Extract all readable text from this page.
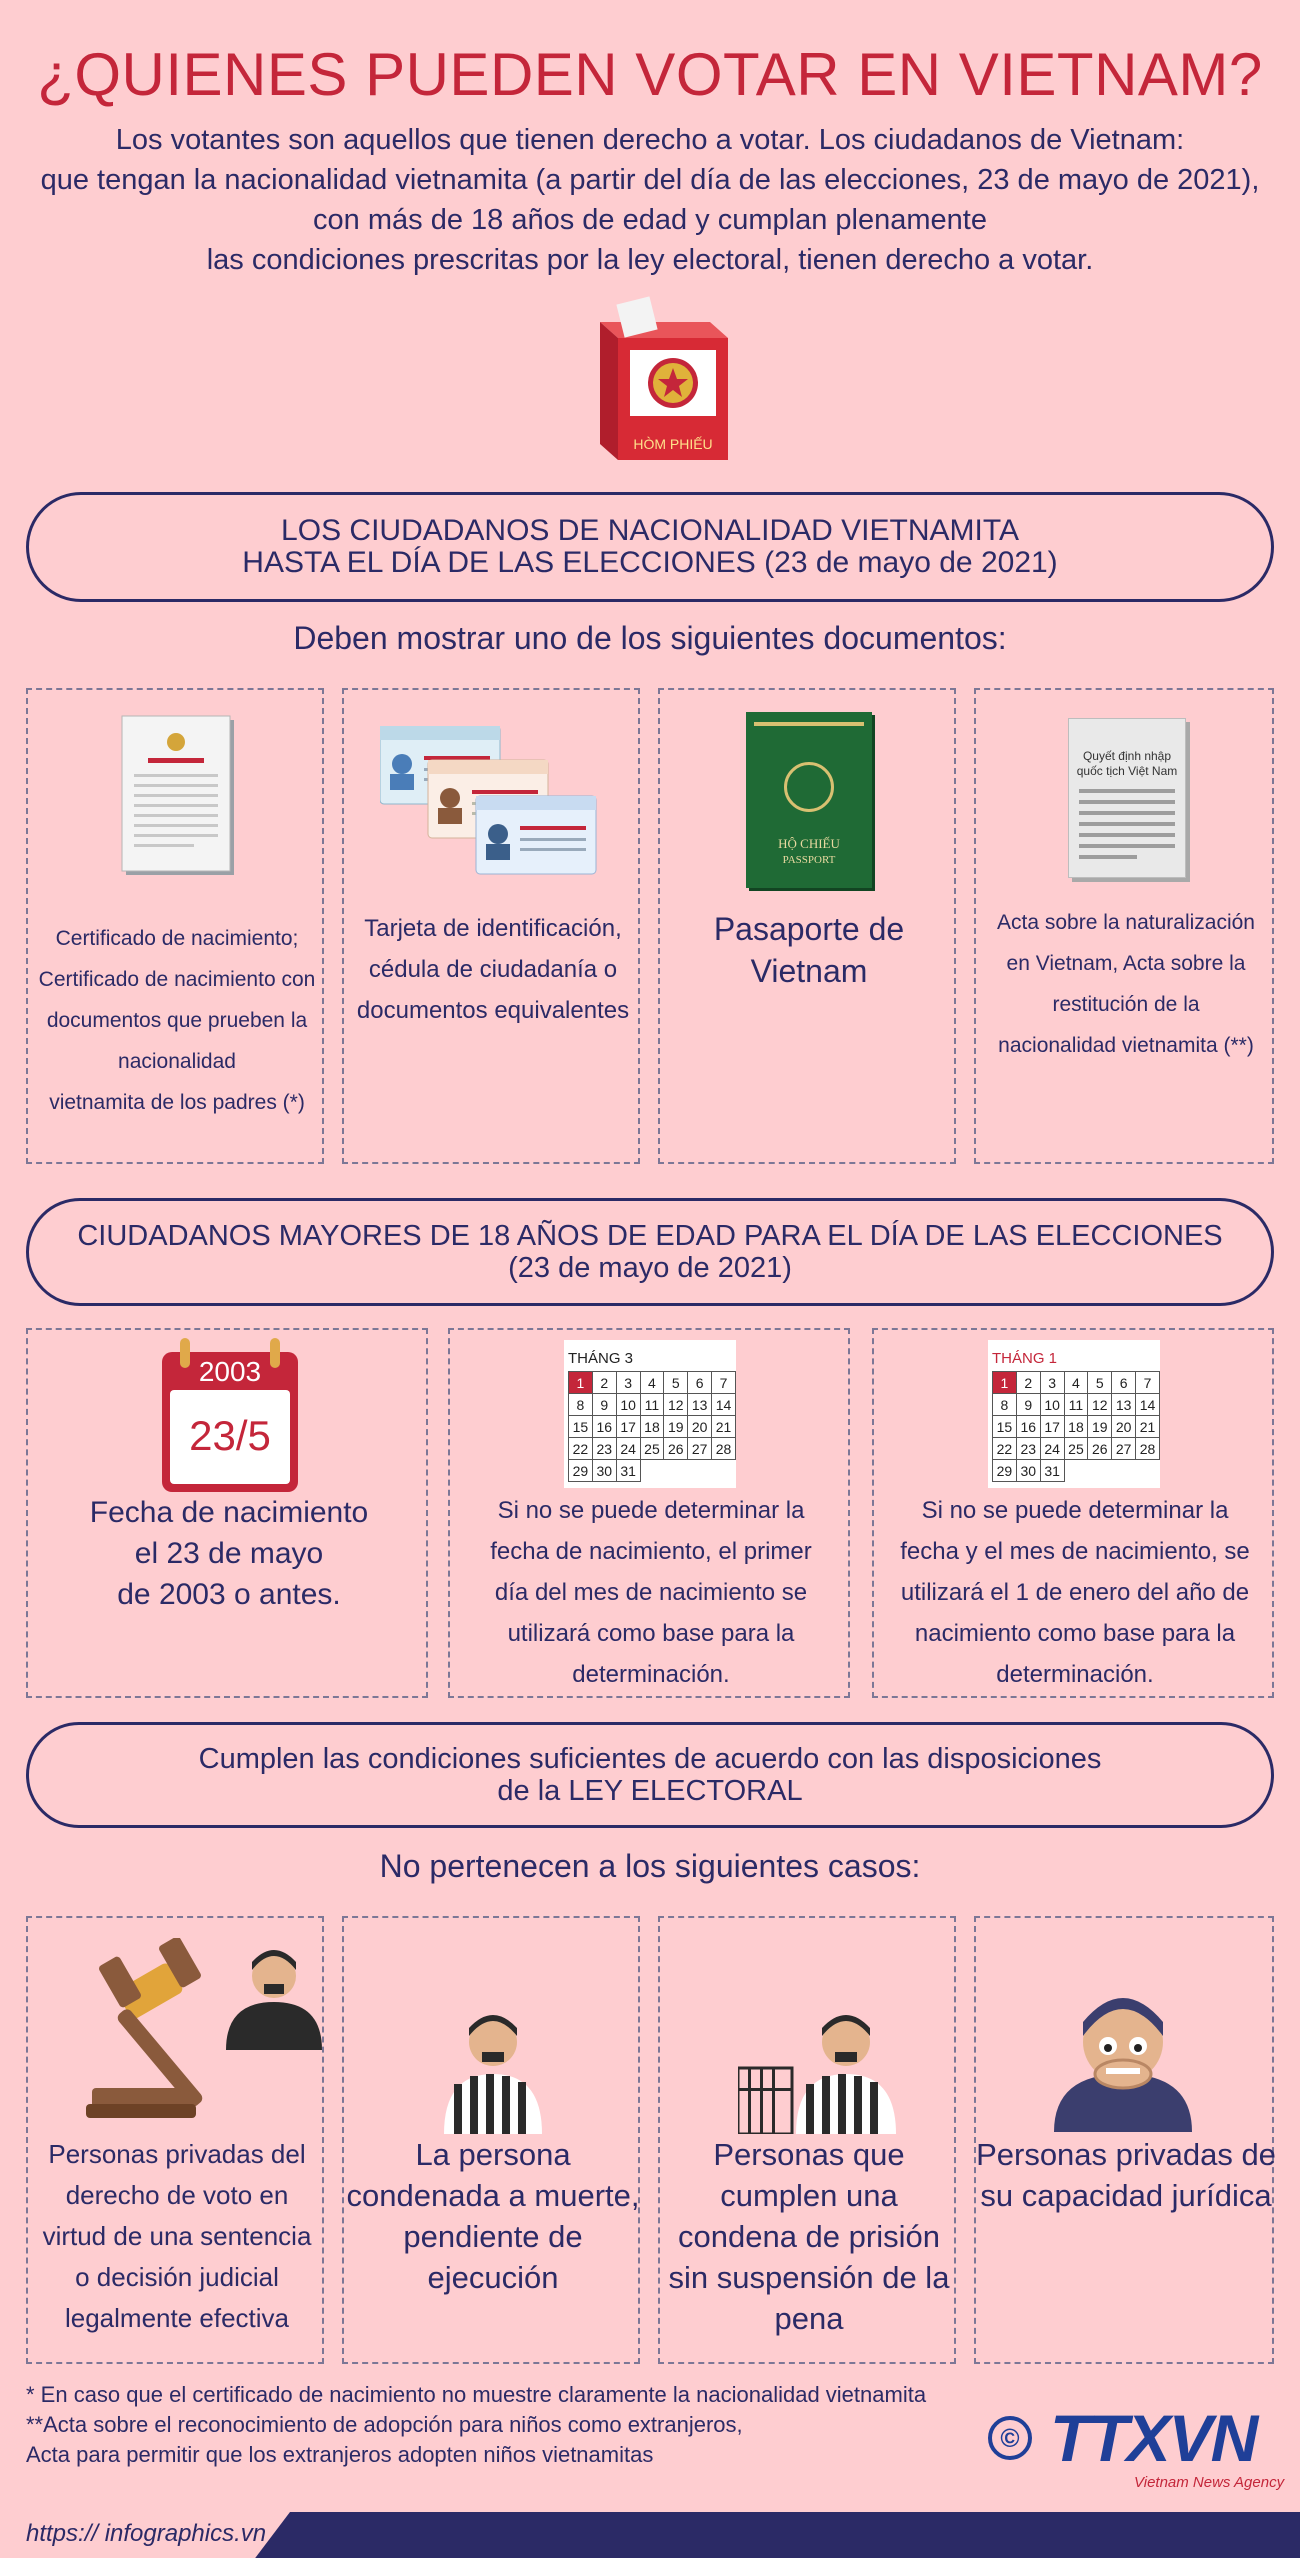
¿QUIENES PUEDEN VOTAR EN VIETNAM?
Los votantes son aquellos que tienen derecho a votar. Los ciudadanos de Vietnam:
que tengan la nacionalidad vietnamita (a partir del día de las elecciones, 23 de mayo de 2021),
con más de 18 años de edad y cumplan plenamente
las condiciones prescritas por la ley electoral, tienen derecho a votar.
HÒM PHIẾU
LOS CIUDADANOS DE NACIONALIDAD VIETNAMITA
HASTA EL DÍA DE LAS ELECCIONES (23 de mayo de 2021)
Deben mostrar uno de los siguientes documentos:
Certificado de nacimiento;
Certificado de nacimiento con
documentos que prueben la
nacionalidad
vietnamita de los padres (*)
Tarjeta de identificación,
cédula de ciudadanía o
documentos equivalentes
HỘ CHIẾU
PASSPORT
Pasaporte de
Vietnam
Quyết định nhập
quốc tịch Việt Nam
Acta sobre la naturalización
en Vietnam, Acta sobre la
restitución de la
nacionalidad vietnamita (**)
CIUDADANOS MAYORES DE 18 AÑOS DE EDAD PARA EL DÍA DE LAS ELECCIONES
(23 de mayo de 2021)
2003
23/5
Fecha de nacimiento
el 23 de mayo
de 2003 o antes.
THÁNG 3
1	2	3	4	5	6	7
8	9	10	11	12	13	14
15	16	17	18	19	20	21
22	23	24	25	26	27	28
29	30	31				
Si no se puede determinar la
fecha de nacimiento, el primer
día del mes de nacimiento se
utilizará como base para la
determinación.
THÁNG 1
1	2	3	4	5	6	7
8	9	10	11	12	13	14
15	16	17	18	19	20	21
22	23	24	25	26	27	28
29	30	31				
Si no se puede determinar la
fecha y el mes de nacimiento, se
utilizará el 1 de enero del año de
nacimiento como base para la
determinación.
Cumplen las condiciones suficientes de acuerdo con las disposiciones
de la LEY ELECTORAL
No pertenecen a los siguientes casos:
Personas privadas del
derecho de voto en
virtud de una sentencia
o decisión judicial
legalmente efectiva
La persona
condenada a muerte,
pendiente de
ejecución
Personas que
cumplen una
condena de prisión
sin suspensión de la
pena
Personas privadas de
su capacidad jurídica
* En caso que el certificado de nacimiento no muestre claramente la nacionalidad vietnamita
**Acta sobre el reconocimiento de adopción para niños como extranjeros,
Acta para permitir que los extranjeros adopten niños vietnamitas
© TTXVN
Vietnam News Agency
https:// infographics.vn
